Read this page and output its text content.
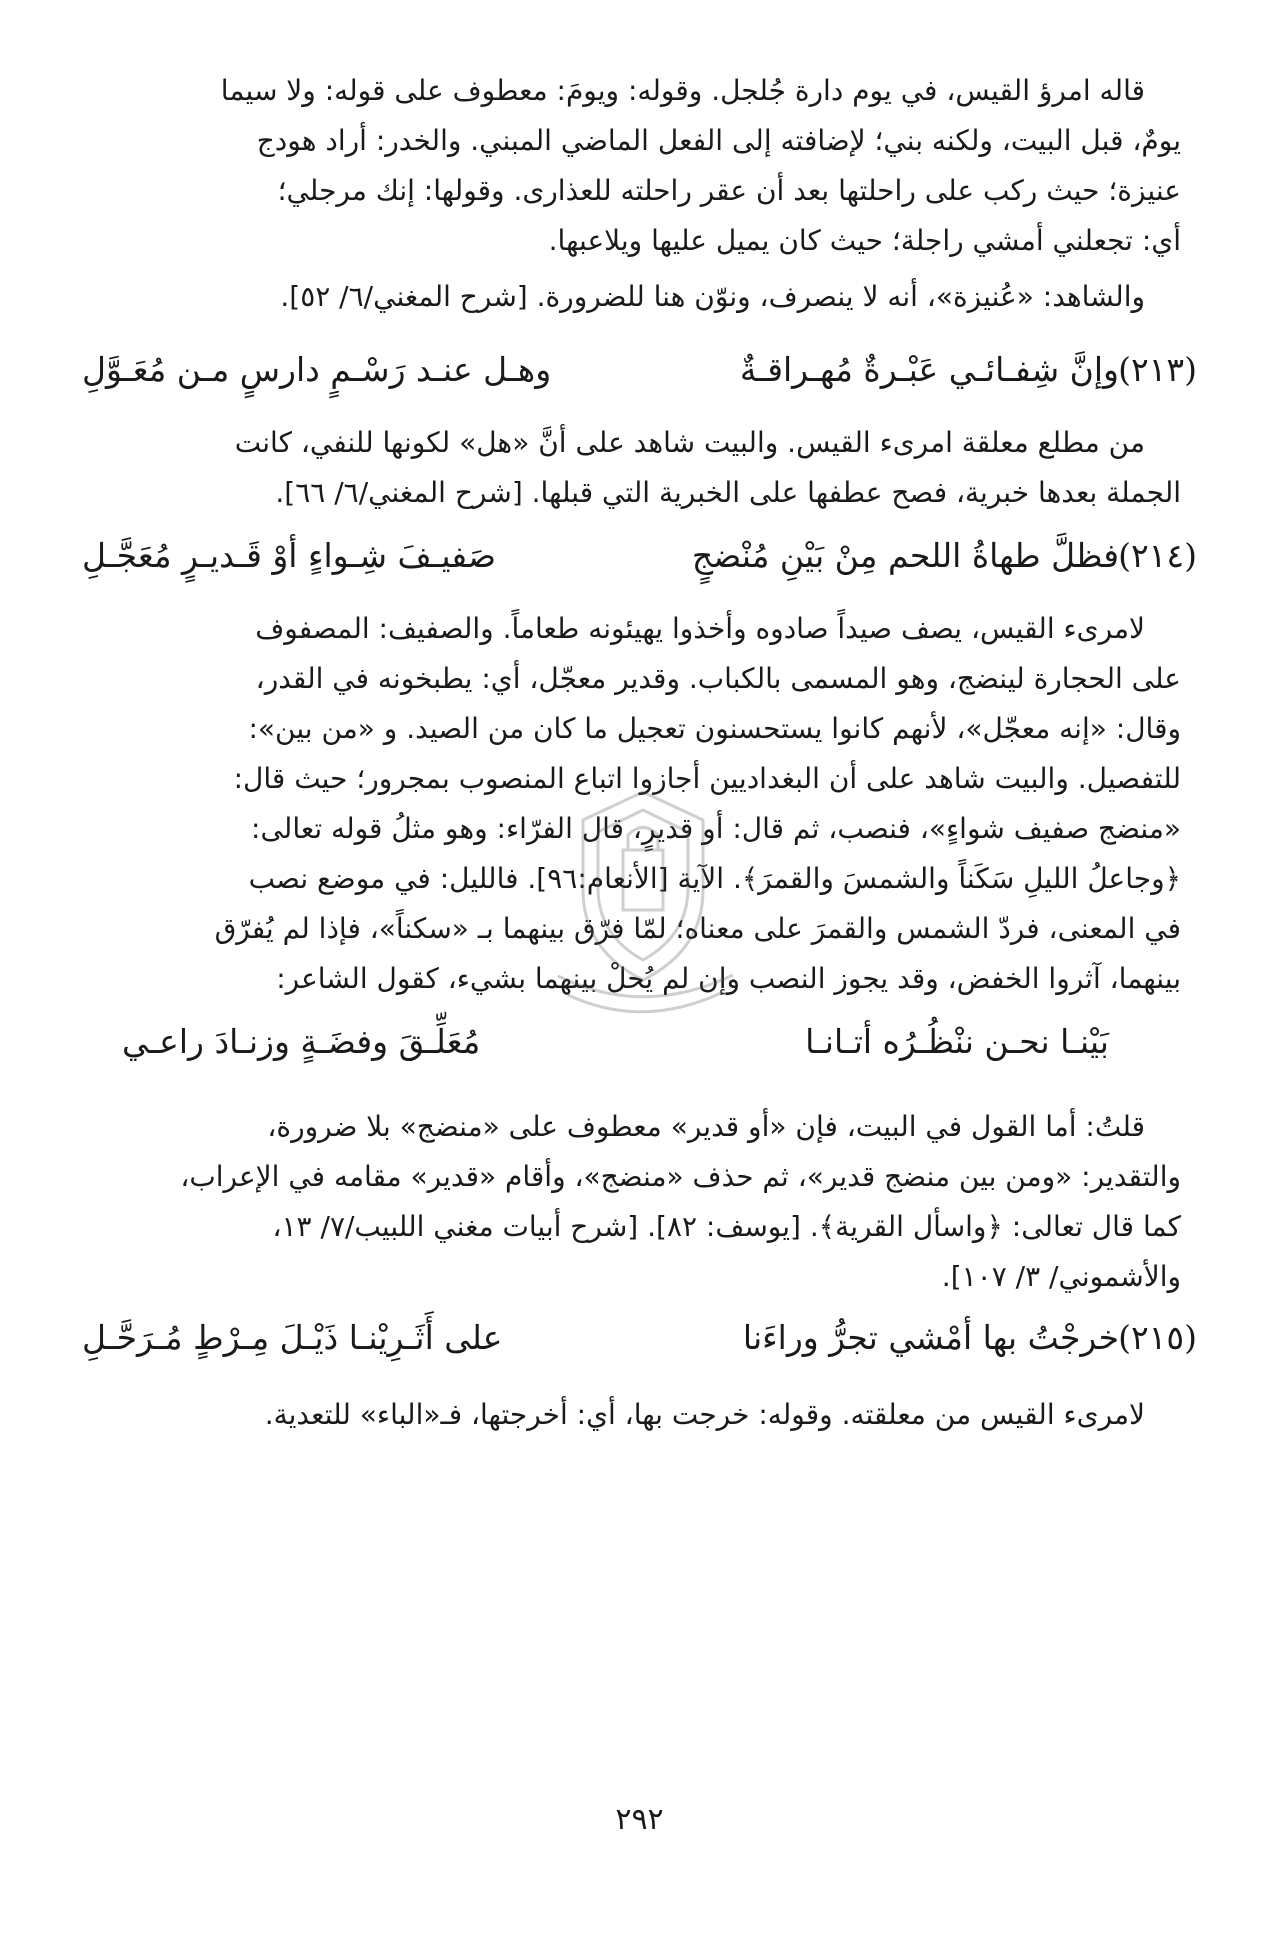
قاله امرؤ القيس، في يوم دارة جُلجل. وقوله: ويومَ: معطوف على قوله: ولا سيما
يومٌ، قبل البيت، ولكنه بني؛ لإضافته إلى الفعل الماضي المبني. والخدر: أراد هودج
عنيزة؛ حيث ركب على راحلتها بعد أن عقر راحلته للعذارى. وقولها: إنك مرجلي؛
أي: تجعلني أمشي راجلة؛ حيث كان يميل عليها ويلاعبها.
والشاهد: «عُنيزة»، أنه لا ينصرف، ونوّن هنا للضرورة. [شرح المغني/٦/ ٥٢].
(٢١٣)
وإنَّ شِفـائـي عَبْـرةٌ مُهـراقـةٌ
وهـل عنـد رَسْـمٍ دارسٍ مـن مُعَـوَّلِ
من مطلع معلقة امرىء القيس. والبيت شاهد على أنَّ «هل» لكونها للنفي، كانت
الجملة بعدها خبرية، فصح عطفها على الخبرية التي قبلها. [شرح المغني/٦/ ٦٦].
(٢١٤)
فظلَّ طهاةُ اللحم مِنْ بَيْنِ مُنْضجٍ
صَفيـفَ شِـواءٍ أوْ قَـديـرٍ مُعَجَّـلِ
لامرىء القيس، يصف صيداً صادوه وأخذوا يهيئونه طعاماً. والصفيف: المصفوف
على الحجارة لينضج، وهو المسمى بالكباب. وقدير معجّل، أي: يطبخونه في القدر،
وقال: «إنه معجّل»، لأنهم كانوا يستحسنون تعجيل ما كان من الصيد. و «من بين»:
للتفصيل. والبيت شاهد على أن البغداديين أجازوا اتباع المنصوب بمجرور؛ حيث قال:
«منضج صفيف شواءٍ»، فنصب، ثم قال: أو قديرٍ، قال الفرّاء: وهو مثلُ قوله تعالى:
﴿وجاعلُ الليلِ سَكَناً والشمسَ والقمرَ﴾. الآية [الأنعام:٩٦]. فالليل: في موضع نصب
في المعنى، فردّ الشمس والقمرَ على معناه؛ لمّا فرّق بينهما بـ «سكناً»، فإذا لم يُفرّق
بينهما، آثروا الخفض، وقد يجوز النصب وإن لم يُحلْ بينهما بشيء، كقول الشاعر:
بَيْنـا نحـن ننْظُـرُه أتـانـا
مُعَلِّـقَ وفضَـةٍ وزنـادَ راعـي
قلتُ: أما القول في البيت، فإن «أو قدير» معطوف على «منضج» بلا ضرورة،
والتقدير: «ومن بين منضج قدير»، ثم حذف «منضج»، وأقام «قدير» مقامه في الإعراب،
كما قال تعالى: ﴿واسأل القرية﴾. [يوسف: ٨٢]. [شرح أبيات مغني اللبيب/٧/ ١٣،
والأشموني/ ٣/ ١٠٧].
(٢١٥)
خرجْتُ بها أمْشي تجرُّ وراءَنا
على أَثَـرِيْنـا ذَيْـلَ مِـرْطٍ مُـرَحَّـلِ
لامرىء القيس من معلقته. وقوله: خرجت بها، أي: أخرجتها، فـ«الباء» للتعدية.
٢٩٢
